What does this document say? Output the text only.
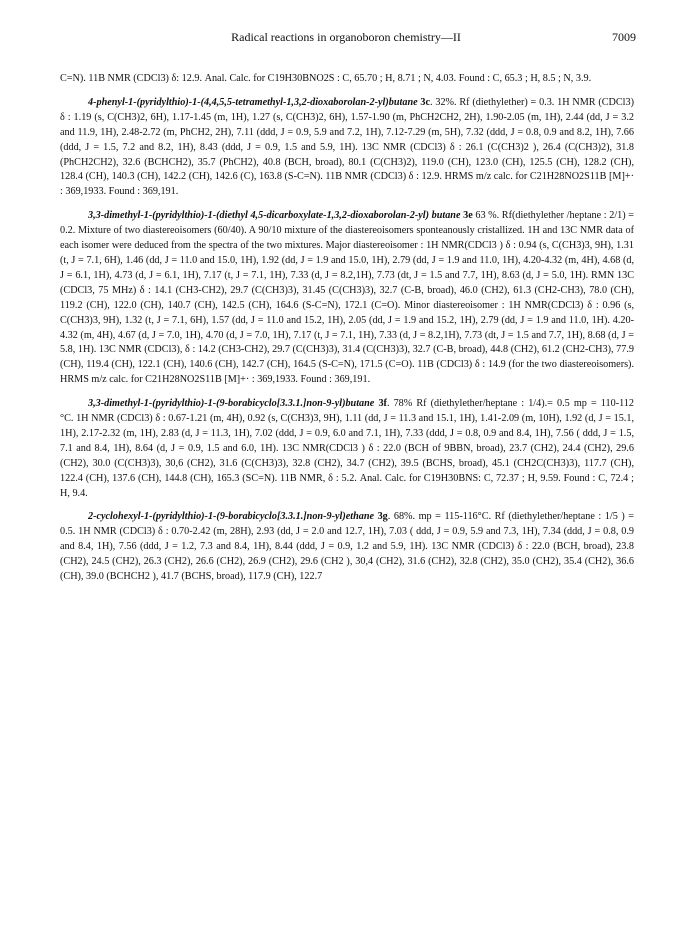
Radical reactions in organoboron chemistry—II	7009

C=N). 11B NMR (CDCl3) δ: 12.9. Anal. Calc. for C19H30BNO2S : C, 65.70 ; H, 8.71 ; N, 4.03. Found : C, 65.3 ; H, 8.5 ; N, 3.9.

4-phenyl-1-(pyridylthio)-1-(4,4,5,5-tetramethyl-1,3,2-dioxaborolan-2-yl)butane 3c. 32%. Rf (diethylether) = 0.3. 1H NMR (CDCl3) δ : 1.19 (s, C(CH3)2, 6H), 1.17-1.45 (m, 1H), 1.27 (s, C(CH3)2, 6H), 1.57-1.90 (m, PhCH2CH2, 2H), 1.90-2.05 (m, 1H), 2.44 (dd, J = 3.2 and 11.9, 1H), 2.48-2.72 (m, PhCH2, 2H), 7.11 (ddd, J = 0.9, 5.9 and 7.2, 1H), 7.12-7.29 (m, 5H), 7.32 (ddd, J = 0.8, 0.9 and 8.2, 1H), 7.66 (ddd, J = 1.5, 7.2 and 8.2, 1H), 8.43 (ddd, J = 0.9, 1.5 and 5.9, 1H). 13C NMR (CDCl3) δ : 26.1 (C(CH3)2 ), 26.4 (C(CH3)2), 31.8 (PhCH2CH2), 32.6 (BCHCH2), 35.7 (PhCH2), 40.8 (BCH, broad), 80.1 (C(CH3)2), 119.0 (CH), 123.0 (CH), 125.5 (CH), 128.2 (CH), 128.4 (CH), 140.3 (CH), 142.2 (CH), 142.6 (C), 163.8 (S-C=N). 11B NMR (CDCl3) δ : 12.9. HRMS m/z calc. for C21H28NO2S11B [M]+· : 369,1933. Found : 369,191.

3,3-dimethyl-1-(pyridylthio)-1-(diethyl 4,5-dicarboxylate-1,3,2-dioxaborolan-2-yl) butane 3e 63 %. Rf(diethylether /heptane : 2/1) = 0.2. Mixture of two diastereoisomers (60/40). A 90/10 mixture of the diastereoisomers sponteanously cristallized. 1H and 13C NMR data of each isomer were deduced from the spectra of the two mixtures. Major diastereoisomer : 1H NMR(CDCl3 ) δ : 0.94 (s, C(CH3)3, 9H), 1.31 (t, J = 7.1, 6H), 1.46 (dd, J = 11.0 and 15.0, 1H), 1.92 (dd, J = 1.9 and 15.0, 1H), 2.79 (dd, J = 1.9 and 11.0, 1H), 4.20-4.32 (m, 4H), 4.68 (d, J = 6.1, 1H), 4.73 (d, J = 6.1, 1H), 7.17 (t, J = 7.1, 1H), 7.33 (d, J = 8.2,1H), 7.73 (dt, J = 1.5 and 7.7, 1H), 8.63 (d, J = 5.0, 1H). RMN 13C (CDCl3, 75 MHz) δ : 14.1 (CH3-CH2), 29.7 (C(CH3)3), 31.45 (C(CH3)3), 32.7 (C-B, broad), 46.0 (CH2), 61.3 (CH2-CH3), 78.0 (CH), 119.2 (CH), 122.0 (CH), 140.7 (CH), 142.5 (CH), 164.6 (S-C=N), 172.1 (C=O). Minor diastereoisomer : 1H NMR(CDCl3) δ : 0.96 (s, C(CH3)3, 9H), 1.32 (t, J = 7.1, 6H), 1.57 (dd, J = 11.0 and 15.2, 1H), 2.05 (dd, J = 1.9 and 15.2, 1H), 2.79 (dd, J = 1.9 and 11.0, 1H). 4.20-4.32 (m, 4H), 4.67 (d, J = 7.0, 1H), 4.70 (d, J = 7.0, 1H), 7.17 (t, J = 7.1, 1H), 7.33 (d, J = 8.2,1H), 7.73 (dt, J = 1.5 and 7.7, 1H), 8.68 (d, J = 5.8, 1H). 13C NMR (CDCl3), δ : 14.2 (CH3-CH2), 29.7 (C(CH3)3), 31.4 (C(CH3)3), 32.7 (C-B, broad), 44.8 (CH2), 61.2 (CH2-CH3), 77.9 (CH), 119.4 (CH), 122.1 (CH), 140.6 (CH), 142.7 (CH), 164.5 (S-C=N), 171.5 (C=O). 11B (CDCl3) δ : 14.9 (for the two diastereoisomers). HRMS m/z calc. for C21H28NO2S11B [M]+· : 369,1933. Found : 369,191.

3,3-dimethyl-1-(pyridylthio)-1-(9-borabicyclo[3.3.1.]non-9-yl)butane 3f. 78% Rf (diethylether/heptane : 1/4).= 0.5 mp = 110-112 °C. 1H NMR (CDCl3) δ : 0.67-1.21 (m, 4H), 0.92 (s, C(CH3)3, 9H), 1.11 (dd, J = 11.3 and 15.1, 1H), 1.41-2.09 (m, 10H), 1.92 (d, J = 15.1, 1H), 2.17-2.32 (m, 1H), 2.83 (d, J = 11.3, 1H), 7.02 (ddd, J = 0.9, 6.0 and 7.1, 1H), 7.33 (ddd, J = 0.8, 0.9 and 8.4, 1H), 7.56 ( ddd, J = 1.5, 7.1 and 8.4, 1H), 8.64 (d, J = 0.9, 1.5 and 6.0, 1H). 13C NMR(CDCl3 ) δ : 22.0 (BCH of 9BBN, broad), 23.7 (CH2), 24.4 (CH2), 29.6 (CH2), 30.0 (C(CH3)3), 30,6 (CH2), 31.6 (C(CH3)3), 32.8 (CH2), 34.7 (CH2), 39.5 (BCHS, broad), 45.1 (CH2C(CH3)3), 117.7 (CH), 122.4 (CH), 137.6 (CH), 144.8 (CH), 165.3 (SC=N). 11B NMR, δ : 5.2. Anal. Calc. for C19H30BNS: C, 72.37 ; H, 9.59. Found : C, 72.4 ; H, 9.4.

2-cyclohexyl-1-(pyridylthio)-1-(9-borabicyclo[3.3.1.]non-9-yl)ethane 3g. 68%. mp = 115-116°C. Rf (diethylether/heptane : 1/5 ) = 0.5. 1H NMR (CDCl3) δ : 0.70-2.42 (m, 28H), 2.93 (dd, J = 2.0 and 12.7, 1H), 7.03 ( ddd, J = 0.9, 5.9 and 7.3, 1H), 7.34 (ddd, J = 0.8, 0.9 and 8.4, 1H), 7.56 (ddd, J = 1.2, 7.3 and 8.4, 1H), 8.44 (ddd, J = 0.9, 1.2 and 5.9, 1H). 13C NMR (CDCl3) δ : 22.0 (BCH, broad), 23.8 (CH2), 24.5 (CH2), 26.3 (CH2), 26.6 (CH2), 26.9 (CH2), 29.6 (CH2 ), 30,4 (CH2), 31.6 (CH2), 32.8 (CH2), 35.0 (CH2), 35.4 (CH2), 36.6 (CH), 39.0 (BCHCH2 ), 41.7 (BCHS, broad), 117.9 (CH), 122.7
